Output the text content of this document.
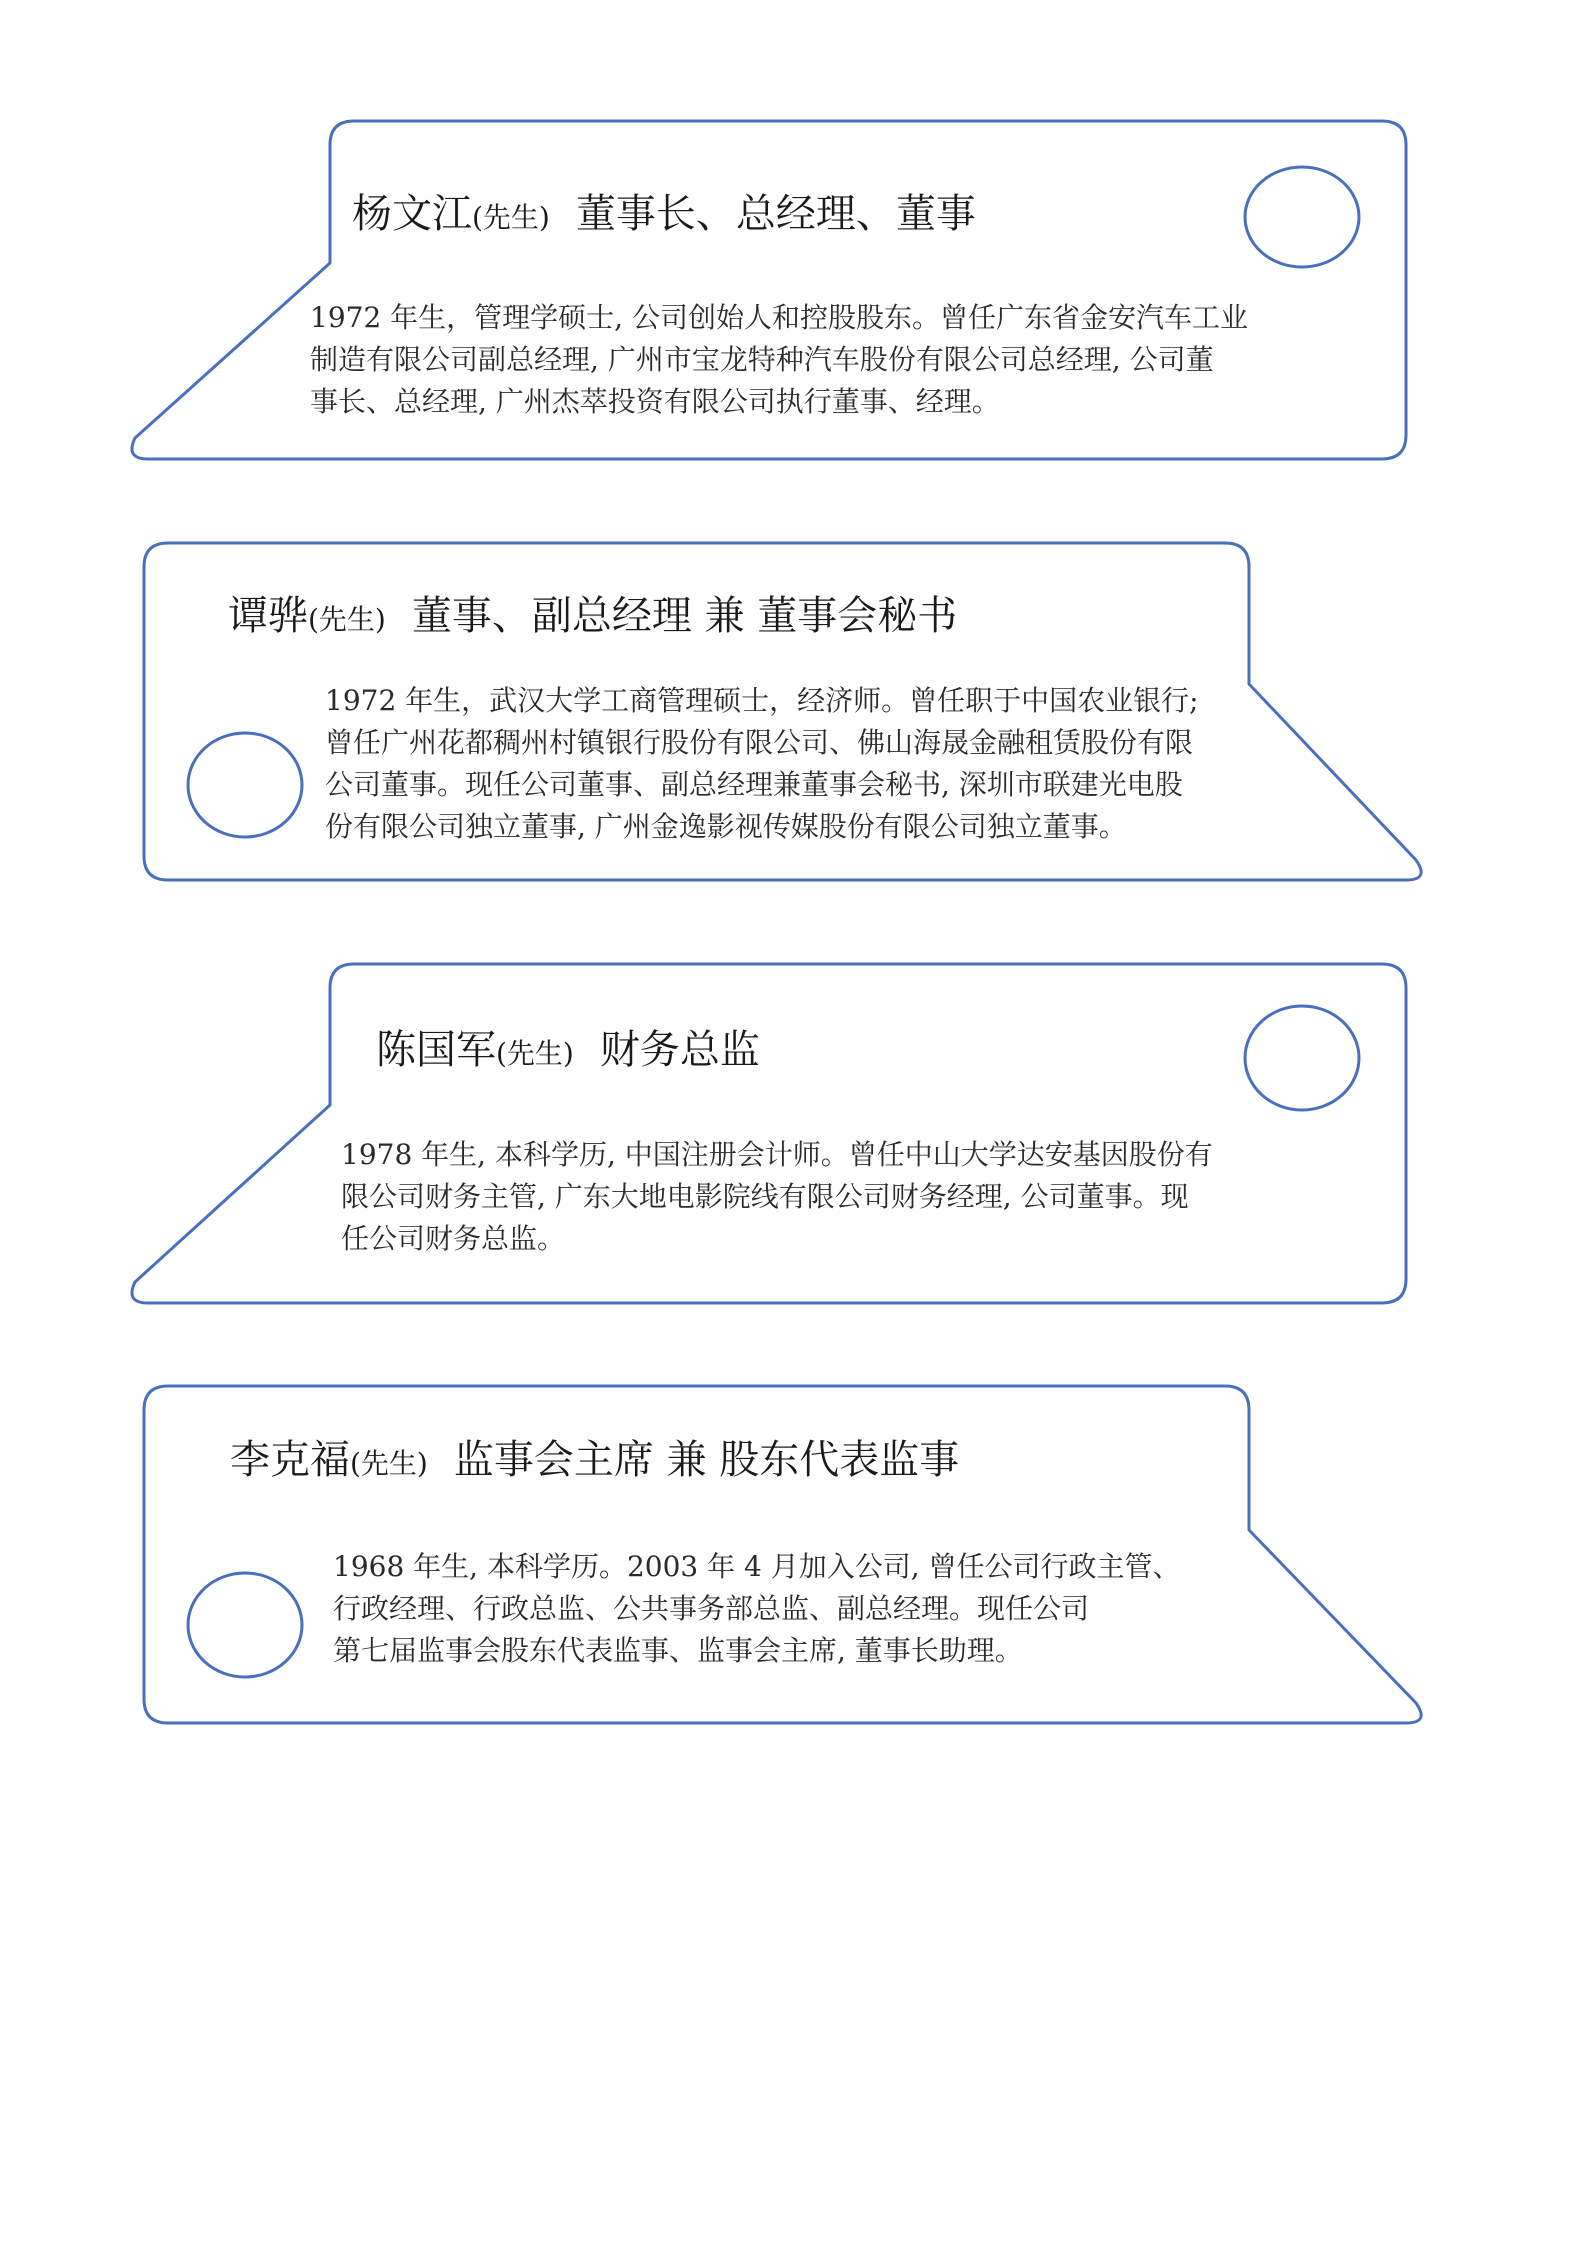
杨文江(先生) 董事长、总经理、董事
1972 年生，管理学硕士, 公司创始人和控股股东。曾任广东省金安汽车工业
制造有限公司副总经理, 广州市宝龙特种汽车股份有限公司总经理, 公司董
事长、总经理, 广州杰萃投资有限公司执行董事、经理。
谭骅(先生) 董事、副总经理 兼 董事会秘书
1972 年生，武汉大学工商管理硕士，经济师。曾任职于中国农业银行;
曾任广州花都稠州村镇银行股份有限公司、佛山海晟金融租赁股份有限
公司董事。现任公司董事、副总经理兼董事会秘书, 深圳市联建光电股
份有限公司独立董事, 广州金逸影视传媒股份有限公司独立董事。
陈国军(先生) 财务总监
1978 年生, 本科学历, 中国注册会计师。曾任中山大学达安基因股份有
限公司财务主管, 广东大地电影院线有限公司财务经理, 公司董事。现
任公司财务总监。
李克福(先生) 监事会主席 兼 股东代表监事
1968 年生, 本科学历。2003 年 4 月加入公司, 曾任公司行政主管、
行政经理、行政总监、公共事务部总监、副总经理。现任公司
第七届监事会股东代表监事、监事会主席, 董事长助理。
